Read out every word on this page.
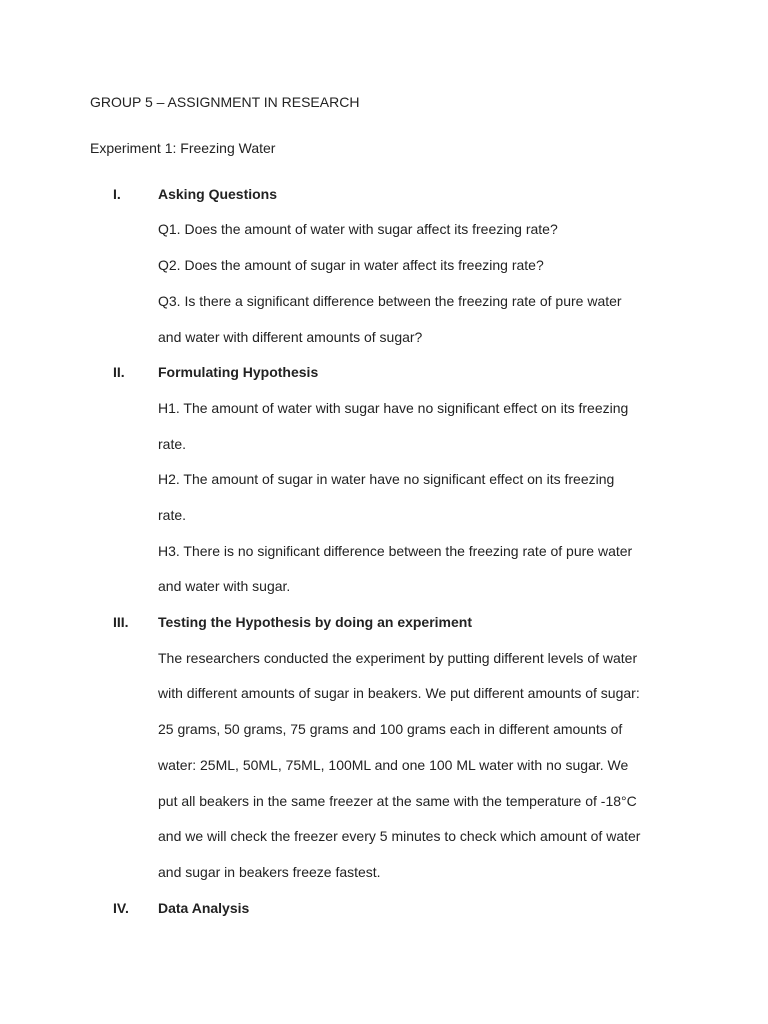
GROUP 5 – ASSIGNMENT IN RESEARCH
Experiment 1: Freezing Water
I.	Asking Questions
Q1. Does the amount of water with sugar affect its freezing rate?
Q2. Does the amount of sugar in water affect its freezing rate?
Q3. Is there a significant difference between the freezing rate of pure water
and water with different amounts of sugar?
II. Formulating Hypothesis
H1. The amount of water with sugar have no significant effect on its freezing
rate.
H2. The amount of sugar in water have no significant effect on its freezing
rate.
H3. There is no significant difference between the freezing rate of pure water
and water with sugar.
III. Testing the Hypothesis by doing an experiment
The researchers conducted the experiment by putting different levels of water
with different amounts of sugar in beakers. We put different amounts of sugar:
25 grams, 50 grams, 75 grams and 100 grams each in different amounts of
water: 25ML, 50ML, 75ML, 100ML and one 100 ML water with no sugar. We
put all beakers in the same freezer at the same with the temperature of -18°C
and we will check the freezer every 5 minutes to check which amount of water
and sugar in beakers freeze fastest.
IV. Data Analysis
